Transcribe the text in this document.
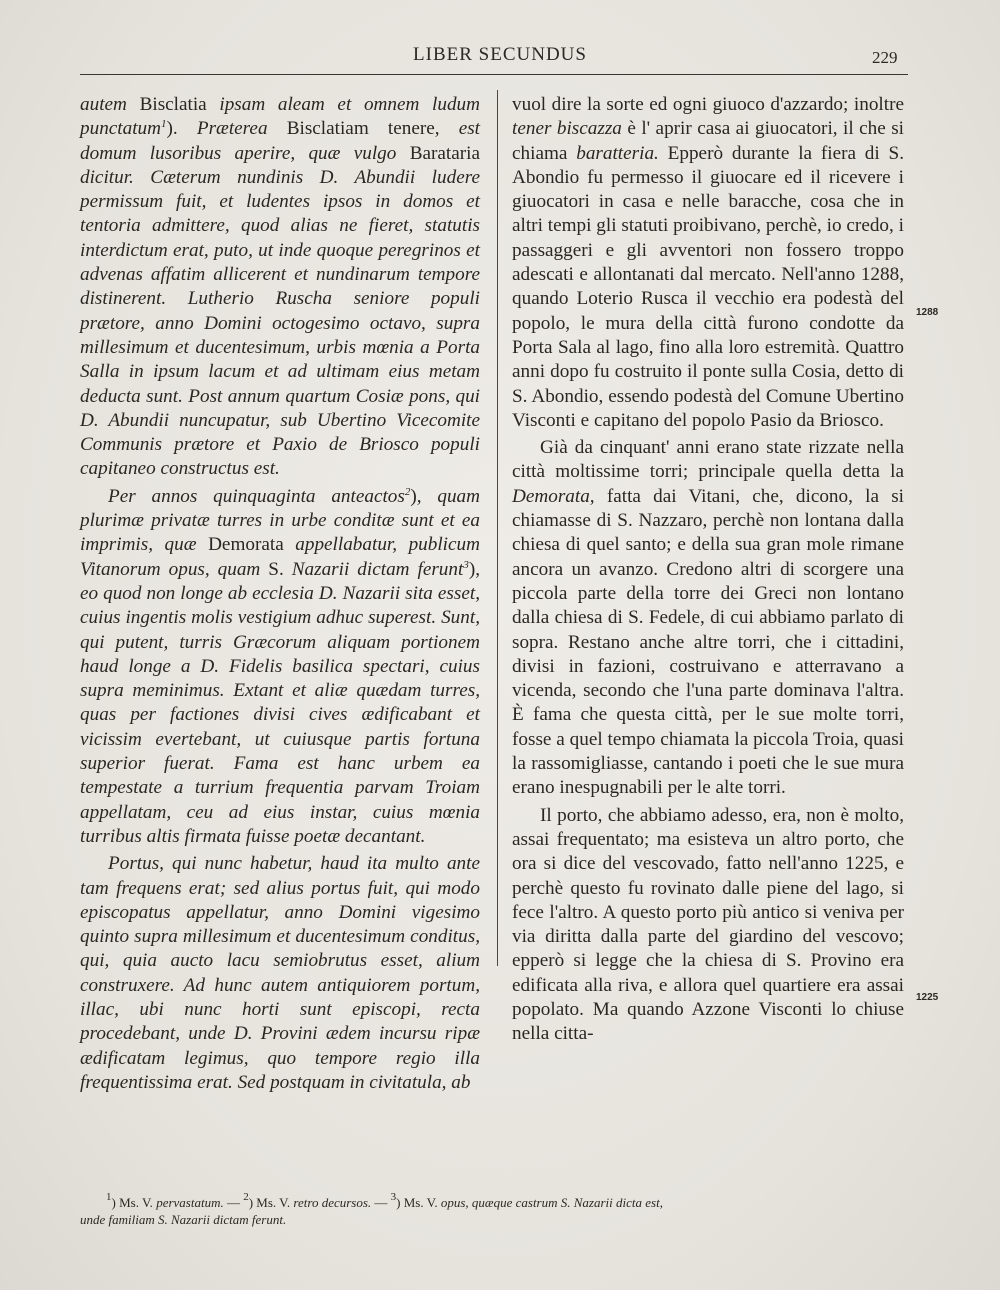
LIBER SECUNDUS	229

autem Bisclatia ipsam aleam et omnem ludum punctatum$^1$). Præterea Bisclatiam tenere, est domum lusoribus aperire, quæ vulgo Barataria dicitur. Cæterum nundinis D. Abundii ludere permissum fuit, et ludentes ipsos in domos et tentoria admittere, quod alias ne fieret, statutis interdictum erat, puto, ut inde quoque peregrinos et advenas affatim allicerent et nundinarum tempore distinerent. Lutherio Ruscha seniore populi prætore, anno Domini octogesimo octavo, supra millesimum et ducentesimum, urbis mœnia a Porta Salla in ipsum lacum et ad ultimam eius metam deducta sunt. Post annum quartum Cosiæ pons, qui D. Abundii nuncupatur, sub Ubertino Vicecomite Communis prætore et Paxio de Briosco populi capitaneo constructus est.

Per annos quinquaginta anteactos$^2$), quam plurimæ privatæ turres in urbe conditæ sunt et ea imprimis, quæ Demorata appellabatur, publicum Vitanorum opus, quam S. Nazarii dictam ferunt$^3$), eo quod non longe ab ecclesia D. Nazarii sita esset, cuius ingentis molis vestigium adhuc superest. Sunt, qui putent, turris Græcorum aliquam portionem haud longe a D. Fidelis basilica spectari, cuius supra meminimus. Extant et aliæ quædam turres, quas per factiones divisi cives ædificabant et vicissim evertebant, ut cuiusque partis fortuna superior fuerat. Fama est hanc urbem ea tempestate a turrium frequentia parvam Troiam appellatam, ceu ad eius instar, cuius mœnia turribus altis firmata fuisse poetæ decantant.

Portus, qui nunc habetur, haud ita multo ante tam frequens erat; sed alius portus fuit, qui modo episcopatus appellatur, anno Domini vigesimo quinto supra millesimum et ducentesimum conditus, qui, quia aucto lacu semiobrutus esset, alium construxere. Ad hunc autem antiquiorem portum, illac, ubi nunc horti sunt episcopi, recta procedebant, unde D. Provini ædem incursu ripæ ædificatam legimus, quo tempore regio illa frequentissima erat. Sed postquam in civitatula, ab

vuol dire la sorte ed ogni giuoco d'azzardo; inoltre tener biscazza è l' aprir casa ai giuocatori, il che si chiama baratteria. Epperò durante la fiera di S. Abondio fu permesso il giuocare ed il ricevere i giuocatori in casa e nelle baracche, cosa che in altri tempi gli statuti proibivano, perchè, io credo, i passaggeri e gli avventori non fossero troppo adescati e allontanati dal mercato. Nell'anno 1288, quando Loterio Rusca il vecchio era podestà del popolo, le mura della città furono condotte da Porta Sala al lago, fino alla loro estremità. Quattro anni dopo fu costruito il ponte sulla Cosia, detto di S. Abondio, essendo podestà del Comune Ubertino Visconti e capitano del popolo Pasio da Briosco.

Già da cinquant' anni erano state rizzate nella città moltissime torri; principale quella detta la Demorata, fatta dai Vitani, che, dicono, la si chiamasse di S. Nazzaro, perchè non lontana dalla chiesa di quel santo; e della sua gran mole rimane ancora un avanzo. Credono altri di scorgere una piccola parte della torre dei Greci non lontano dalla chiesa di S. Fedele, di cui abbiamo parlato di sopra. Restano anche altre torri, che i cittadini, divisi in fazioni, costruivano e atterravano a vicenda, secondo che l'una parte dominava l'altra. È fama che questa città, per le sue molte torri, fosse a quel tempo chiamata la piccola Troia, quasi la rassomigliasse, cantando i poeti che le sue mura erano inespugnabili per le alte torri.

Il porto, che abbiamo adesso, era, non è molto, assai frequentato; ma esisteva un altro porto, che ora si dice del vescovado, fatto nell'anno 1225, e perchè questo fu rovinato dalle piene del lago, si fece l'altro. A questo porto più antico si veniva per via diritta dalla parte del giardino del vescovo; epperò si legge che la chiesa di S. Provino era edificata alla riva, e allora quel quartiere era assai popolato. Ma quando Azzone Visconti lo chiuse nella citta-

1288
1225
$^1$) Ms. V. pervastatum. — $^2$) Ms. V. retro decursos. — $^3$) Ms. V. opus, quæque castrum S. Nazarii dicta est,
unde familiam S. Nazarii dictam ferunt.
